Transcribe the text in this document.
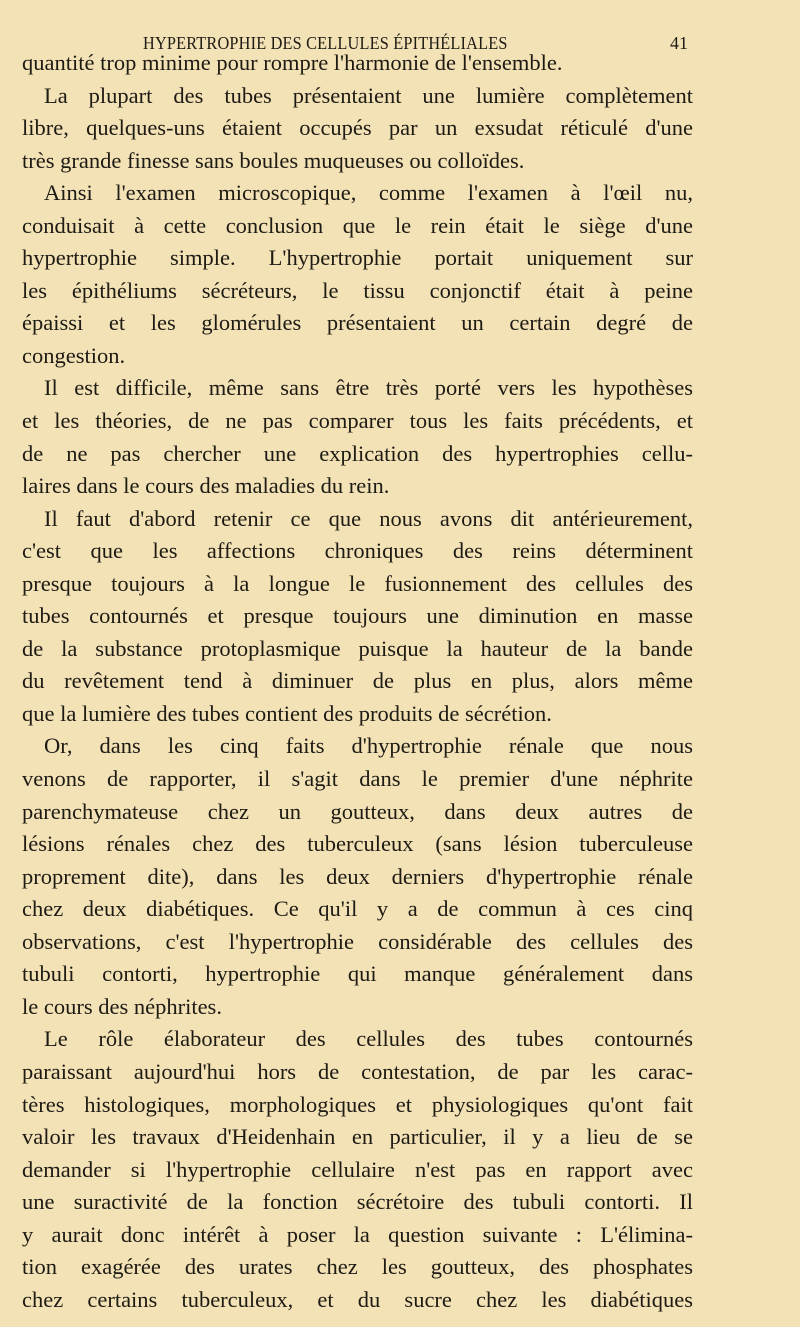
HYPERTROPHIE DES CELLULES ÉPITHÉLIALES	41
quantité trop minime pour rompre l'harmonie de l'ensemble.
La plupart des tubes présentaient une lumière complètement
libre, quelques-uns étaient occupés par un exsudat réticulé d'une
très grande finesse sans boules muqueuses ou colloïdes.
Ainsi l'examen microscopique, comme l'examen à l'œil nu,
conduisait à cette conclusion que le rein était le siège d'une
hypertrophie simple. L'hypertrophie portait uniquement sur
les épithéliums sécréteurs, le tissu conjonctif était à peine
épaissi et les glomérules présentaient un certain degré de
congestion.
Il est difficile, même sans être très porté vers les hypothèses
et les théories, de ne pas comparer tous les faits précédents, et
de ne pas chercher une explication des hypertrophies cellu-
laires dans le cours des maladies du rein.
Il faut d'abord retenir ce que nous avons dit antérieurement,
c'est que les affections chroniques des reins déterminent
presque toujours à la longue le fusionnement des cellules des
tubes contournés et presque toujours une diminution en masse
de la substance protoplasmique puisque la hauteur de la bande
du revêtement tend à diminuer de plus en plus, alors même
que la lumière des tubes contient des produits de sécrétion.
Or, dans les cinq faits d'hypertrophie rénale que nous
venons de rapporter, il s'agit dans le premier d'une néphrite
parenchymateuse chez un goutteux, dans deux autres de
lésions rénales chez des tuberculeux (sans lésion tuberculeuse
proprement dite), dans les deux derniers d'hypertrophie rénale
chez deux diabétiques. Ce qu'il y a de commun à ces cinq
observations, c'est l'hypertrophie considérable des cellules des
tubuli contorti, hypertrophie qui manque généralement dans
le cours des néphrites.
Le rôle élaborateur des cellules des tubes contournés
paraissant aujourd'hui hors de contestation, de par les carac-
tères histologiques, morphologiques et physiologiques qu'ont fait
valoir les travaux d'Heidenhain en particulier, il y a lieu de se
demander si l'hypertrophie cellulaire n'est pas en rapport avec
une suractivité de la fonction sécrétoire des tubuli contorti. Il
y aurait donc intérêt à poser la question suivante : L'élimina-
tion exagérée des urates chez les goutteux, des phosphates
chez certains tuberculeux, et du sucre chez les diabétiques
